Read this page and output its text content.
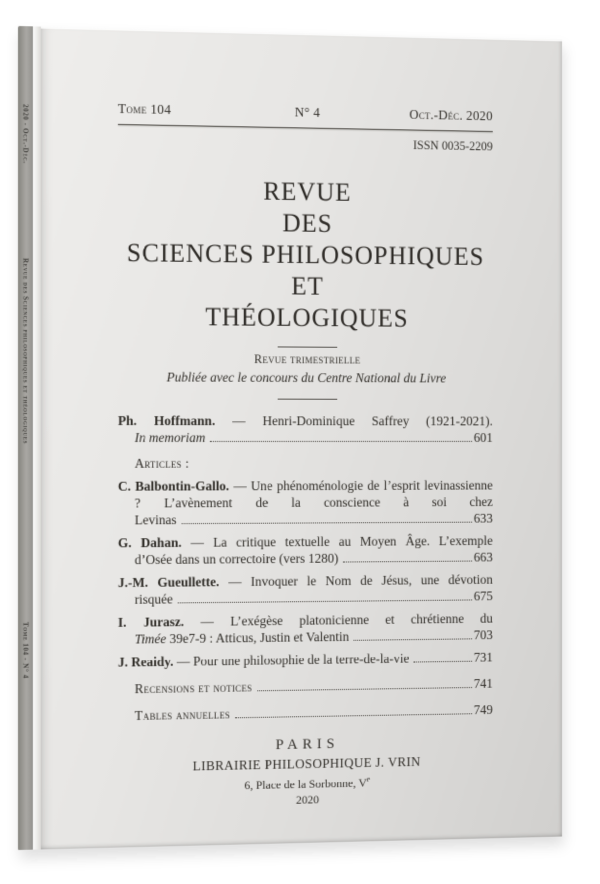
2020 - Oct.-Déc.
Revue des Sciences philosophiques et théologiques
Tome 104 - N° 4
Tome 104	N° 4	Oct.-Déc. 2020
ISSN 0035-2209
REVUE
DES
SCIENCES PHILOSOPHIQUES
ET
THÉOLOGIQUES
Revue trimestrielle
Publiée avec le concours du Centre National du Livre

Ph. Hoffmann. — Henri-Dominique Saffrey (1921-2021).

In memoriam	601
Articles :

C. Balbontin-Gallo. — Une phénoménologie de l’esprit levinassienne ? L’avènement de la conscience à soi chez

Levinas	633

G. Dahan. — La critique textuelle au Moyen Âge. L’exemple

d’Osée dans un correctoire (vers 1280)	663

J.-M. Gueullette. — Invoquer le Nom de Jésus, une dévotion

risquée	675

I. Jurasz. — L’exégèse platonicienne et chrétienne du

Timée 39e7-9 : Atticus, Justin et Valentin	703
J. Reaidy. — Pour une philosophie de la terre-de-la-vie	731
Recensions et notices	741
Tables annuelles	749
PARIS
LIBRAIRIE PHILOSOPHIQUE J. VRIN
6, Place de la Sorbonne, Ve
2020
